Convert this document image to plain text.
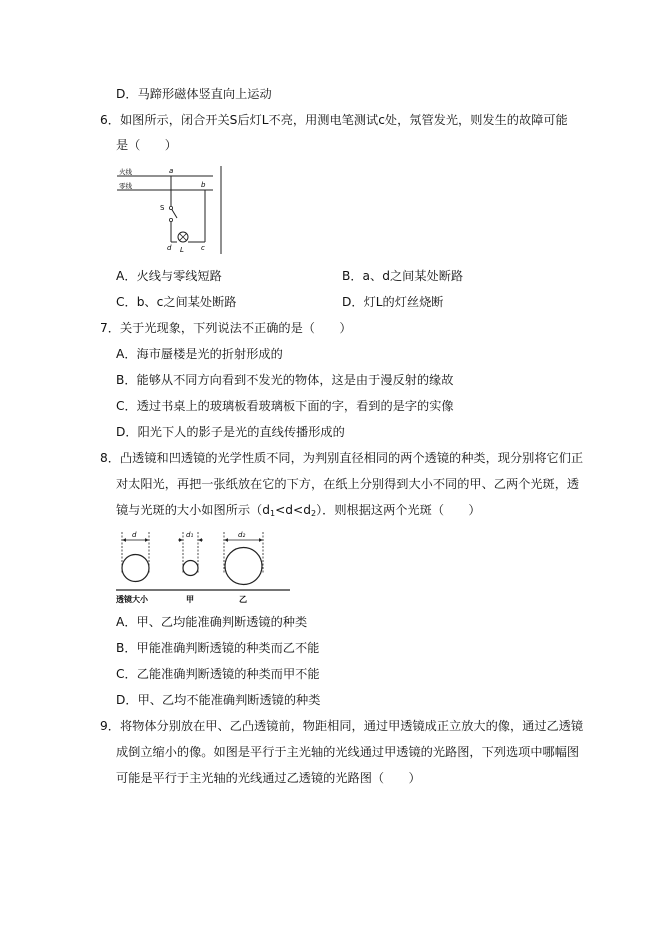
D．马蹄形磁体竖直向上运动
6．如图所示，闭合开关S后灯L不亮，用测电笔测试c处，氖管发光，则发生的故障可能
是（　　）
火线
零线
a
b
S
d L c
A．火线与零线短路	B．a、d之间某处断路
C．b、c之间某处断路	D．灯L的灯丝烧断
7．关于光现象，下列说法不正确的是（　　）
A．海市蜃楼是光的折射形成的
B．能够从不同方向看到不发光的物体，这是由于漫反射的缘故
C．透过书桌上的玻璃板看玻璃板下面的字，看到的是字的实像
D．阳光下人的影子是光的直线传播形成的
8．凸透镜和凹透镜的光学性质不同，为判别直径相同的两个透镜的种类，现分别将它们正
对太阳光，再把一张纸放在它的下方，在纸上分别得到大小不同的甲、乙两个光斑，透
镜与光斑的大小如图所示$(d_1<d<d_2)$．则根据这两个光斑（　　）
d	d₁	d₂
透镜大小	甲	乙
A．甲、乙均能准确判断透镜的种类
B．甲能准确判断透镜的种类而乙不能
C．乙能准确判断透镜的种类而甲不能
D．甲、乙均不能准确判断透镜的种类
9．将物体分别放在甲、乙凸透镜前，物距相同，通过甲透镜成正立放大的像，通过乙透镜
成倒立缩小的像。如图是平行于主光轴的光线通过甲透镜的光路图，下列选项中哪幅图
可能是平行于主光轴的光线通过乙透镜的光路图（　　）
